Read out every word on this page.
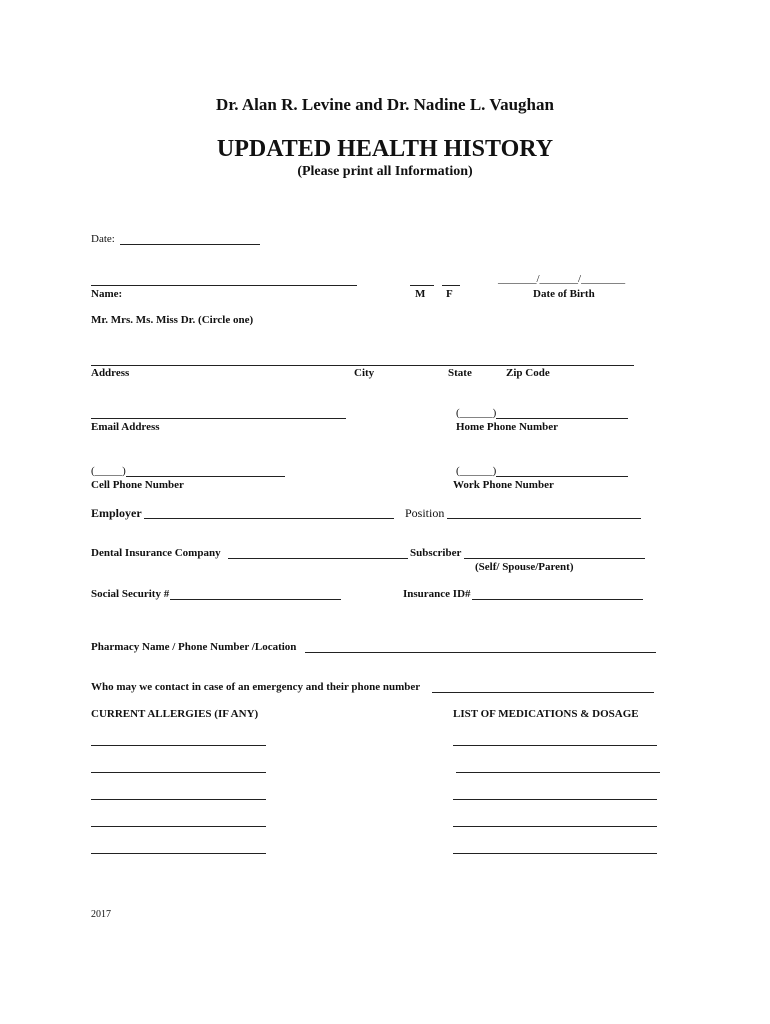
Dr. Alan R. Levine and Dr. Nadine L. Vaughan
UPDATED HEALTH HISTORY
(Please print all Information)
Date:
_______/_______/________
Name:	M F	Date of Birth
Mr. Mrs. Ms. Miss Dr. (Circle one)
Address	City	State	Zip Code
(______)
Email Address	Home Phone Number
(_____)	(______)
Cell Phone Number	Work Phone Number
Employer	Position
Dental Insurance Company	Subscriber
(Self/ Spouse/Parent)
Social Security #	Insurance ID#
Pharmacy Name / Phone Number /Location
Who may we contact in case of an emergency and their phone number
CURRENT ALLERGIES (IF ANY)	LIST OF MEDICATIONS & DOSAGE
2017
